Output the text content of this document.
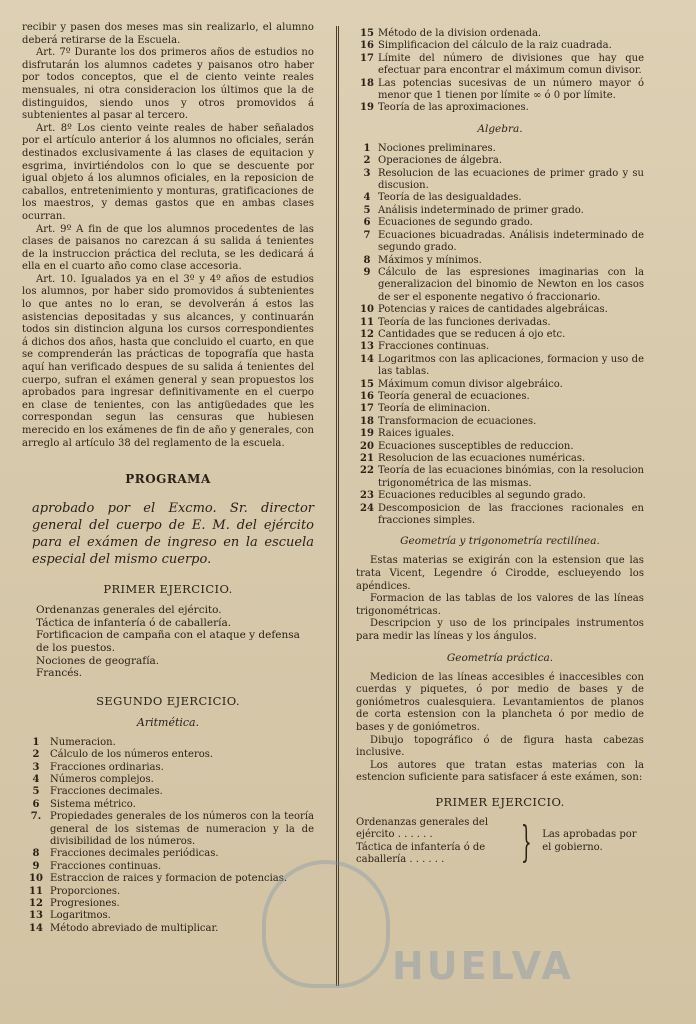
recibir y pasen dos meses mas sin realizarlo, el alumno deberá retirarse de la Escuela.

Art. 7º Durante los dos primeros años de estudios no disfrutarán los alumnos cadetes y paisanos otro haber por todos conceptos, que el de ciento veinte reales mensuales, ni otra consideracion los últimos que la de distinguidos, siendo unos y otros promovidos á subtenientes al pasar al tercero.

Art. 8º Los ciento veinte reales de haber señalados por el artículo anterior á los alumnos no oficiales, serán destinados exclusivamente á las clases de equitacion y esgrima, invirtiéndolos con lo que se descuente por igual objeto á los alumnos oficiales, en la reposicion de caballos, entretenimiento y monturas, gratificaciones de los maestros, y demas gastos que en ambas clases ocurran.

Art. 9º A fin de que los alumnos procedentes de las clases de paisanos no carezcan á su salida á tenientes de la instruccion práctica del recluta, se les dedicará á ella en el cuarto año como clase accesoria.

Art. 10. Igualados ya en el 3º y 4º años de estudios los alumnos, por haber sido promovidos á subtenientes lo que antes no lo eran, se devolverán á estos las asistencias depositadas y sus alcances, y continuarán todos sin distincion alguna los cursos correspondientes á dichos dos años, hasta que concluido el cuarto, en que se comprenderán las prácticas de topografía que hasta aquí han verificado despues de su salida á tenientes del cuerpo, sufran el exámen general y sean propuestos los aprobados para ingresar definitivamente en el cuerpo en clase de tenientes, con las antigüedades que les correspondan segun las censuras que hubiesen merecido en los exámenes de fin de año y generales, con arreglo al artículo 38 del reglamento de la escuela.

PROGRAMA
aprobado por el Excmo. Sr. director general del cuerpo de E. M. del ejército para el exámen de ingreso en la escuela especial del mismo cuerpo.
PRIMER EJERCICIO.

Ordenanzas generales del ejército.

Táctica de infantería ó de caballería.

Fortificacion de campaña con el ataque y defensa de los puestos.

Nociones de geografía.

Francés.

SEGUNDO EJERCICIO.
Aritmética.
1	Numeracion.
2	Cálculo de los números enteros.
3	Fracciones ordinarias.
4	Números complejos.
5	Fracciones decimales.
6	Sistema métrico.
7. Propiedades generales de los números con la teoría general de los sistemas de numeracion y la de divisibilidad de los números.
8	Fracciones decimales periódicas.
9	Fracciones continuas.
10 Estraccion de raices y formacion de potencias.
11 Proporciones.
12 Progresiones.
13 Logaritmos.
14 Método abreviado de multiplicar.
15 Método de la division ordenada.
16 Simplificacion del cálculo de la raiz cuadrada.
17 Límite del número de divisiones que hay que efectuar para encontrar el máximum comun divisor.
18 Las potencias sucesivas de un número mayor ó menor que 1 tienen por límite ∞ ó 0 por límite.
19 Teoría de las aproximaciones.
Algebra.
1 Nociones preliminares.
2 Operaciones de álgebra.
3 Resolucion de las ecuaciones de primer grado y su discusion.
4 Teoría de las desigualdades.
5 Análisis indeterminado de primer grado.
6 Ecuaciones de segundo grado.
7 Ecuaciones bicuadradas. Análisis indeterminado de segundo grado.
8 Máximos y mínimos.
9 Cálculo de las espresiones imaginarias con la generalizacion del binomio de Newton en los casos de ser el esponente negativo ó fraccionario.
10 Potencias y raices de cantidades algebráicas.
11 Teoría de las funciones derivadas.
12 Cantidades que se reducen á ojo etc.
13 Fracciones continuas.
14 Logaritmos con las aplicaciones, formacion y uso de las tablas.
15 Máximum comun divisor algebráico.
16 Teoría general de ecuaciones.
17 Teoría de eliminacion.
18 Transformacion de ecuaciones.
19 Raices iguales.
20 Ecuaciones susceptibles de reduccion.
21 Resolucion de las ecuaciones numéricas.
22 Teoría de las ecuaciones binómias, con la resolucion trigonométrica de las mismas.
23 Ecuaciones reducibles al segundo grado.
24 Descomposicion de las fracciones racionales en fracciones simples.
Geometría y trigonometría rectilínea.

Estas materias se exigirán con la estension que las trata Vicent, Legendre ó Cirodde, esclueyendo los apéndices.

Formacion de las tablas de los valores de las líneas trigonométricas.

Descripcion y uso de los principales instrumentos para medir las líneas y los ángulos.

Geometría práctica.

Medicion de las líneas accesibles é inaccesibles con cuerdas y piquetes, ó por medio de bases y de goniómetros cualesquiera. Levantamientos de planos de corta estension con la plancheta ó por medio de bases y de goniómetros.

Dibujo topográfico ó de figura hasta cabezas inclusive.

Los autores que tratan estas materias con la estencion suficiente para satisfacer á este exámen, son:

PRIMER EJERCICIO.
Ordenanzas generales del ejército . . . . . .
Táctica de infantería ó de caballería . . . . . .	} Las aprobadas por el gobierno.
HUELVA
